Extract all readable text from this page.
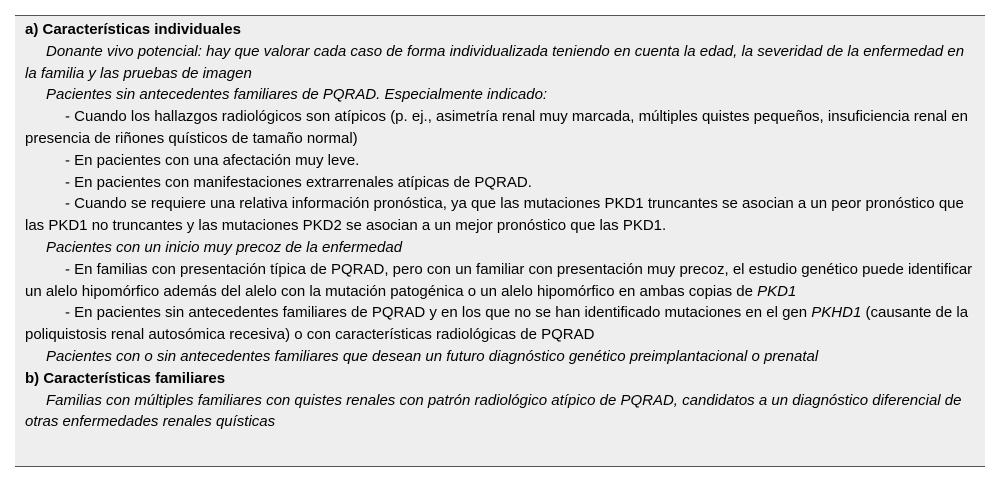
a) Características individuales

Donante vivo potencial: hay que valorar cada caso de forma individualizada teniendo en cuenta la edad, la severidad de la enfermedad en la familia y las pruebas de imagen

Pacientes sin antecedentes familiares de PQRAD. Especialmente indicado:

- Cuando los hallazgos radiológicos son atípicos (p. ej., asimetría renal muy marcada, múltiples quistes pequeños, insuficiencia renal en presencia de riñones quísticos de tamaño normal)

- En pacientes con una afectación muy leve.

- En pacientes con manifestaciones extrarrenales atípicas de PQRAD.

- Cuando se requiere una relativa información pronóstica, ya que las mutaciones PKD1 truncantes se asocian a un peor pronóstico que las PKD1 no truncantes y las mutaciones PKD2 se asocian a un mejor pronóstico que las PKD1.

Pacientes con un inicio muy precoz de la enfermedad

- En familias con presentación típica de PQRAD, pero con un familiar con presentación muy precoz, el estudio genético puede identificar un alelo hipomórfico además del alelo con la mutación patogénica o un alelo hipomórfico en ambas copias de PKD1

- En pacientes sin antecedentes familiares de PQRAD y en los que no se han identificado mutaciones en el gen PKHD1 (causante de la poliquistosis renal autosómica recesiva) o con características radiológicas de PQRAD

Pacientes con o sin antecedentes familiares que desean un futuro diagnóstico genético preimplantacional o prenatal

b) Características familiares

Familias con múltiples familiares con quistes renales con patrón radiológico atípico de PQRAD, candidatos a un diagnóstico diferencial de otras enfermedades renales quísticas
